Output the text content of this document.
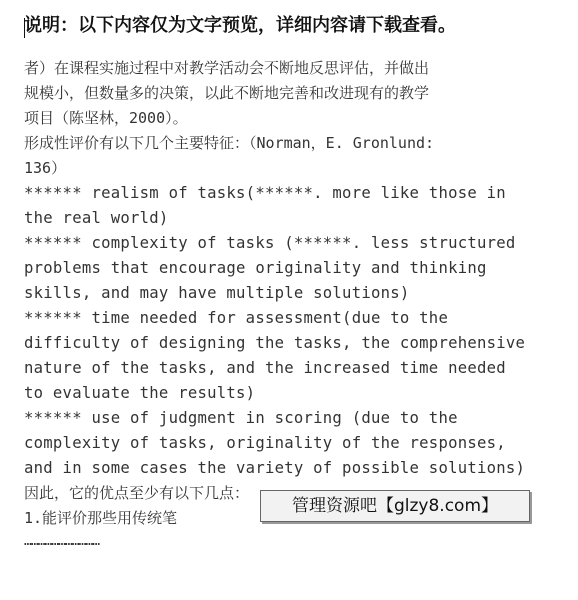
说明：以下内容仅为文字预览，详细内容请下载查看。
者）在课程实施过程中对教学活动会不断地反思评估，并做出
规模小，但数量多的决策，以此不断地完善和改进现有的教学
项目（陈坚林，2000）。
形成性评价有以下几个主要特征：（Norman，E. Gronlund:
136）
****** realism of tasks(******. more like those in
the real world)
****** complexity of tasks (******. less structured
problems that encourage originality and thinking
skills, and may have multiple solutions)
****** time needed for assessment(due to the
difficulty of designing the tasks, the comprehensive
nature of the tasks, and the increased time needed
to evaluate the results)
****** use of judgment in scoring (due to the
complexity of tasks, originality of the responses,
and in some cases the variety of possible solutions)
因此，它的优点至少有以下几点：
1.能评价那些用传统笔
……………………………
管理资源吧【glzy8.com】
